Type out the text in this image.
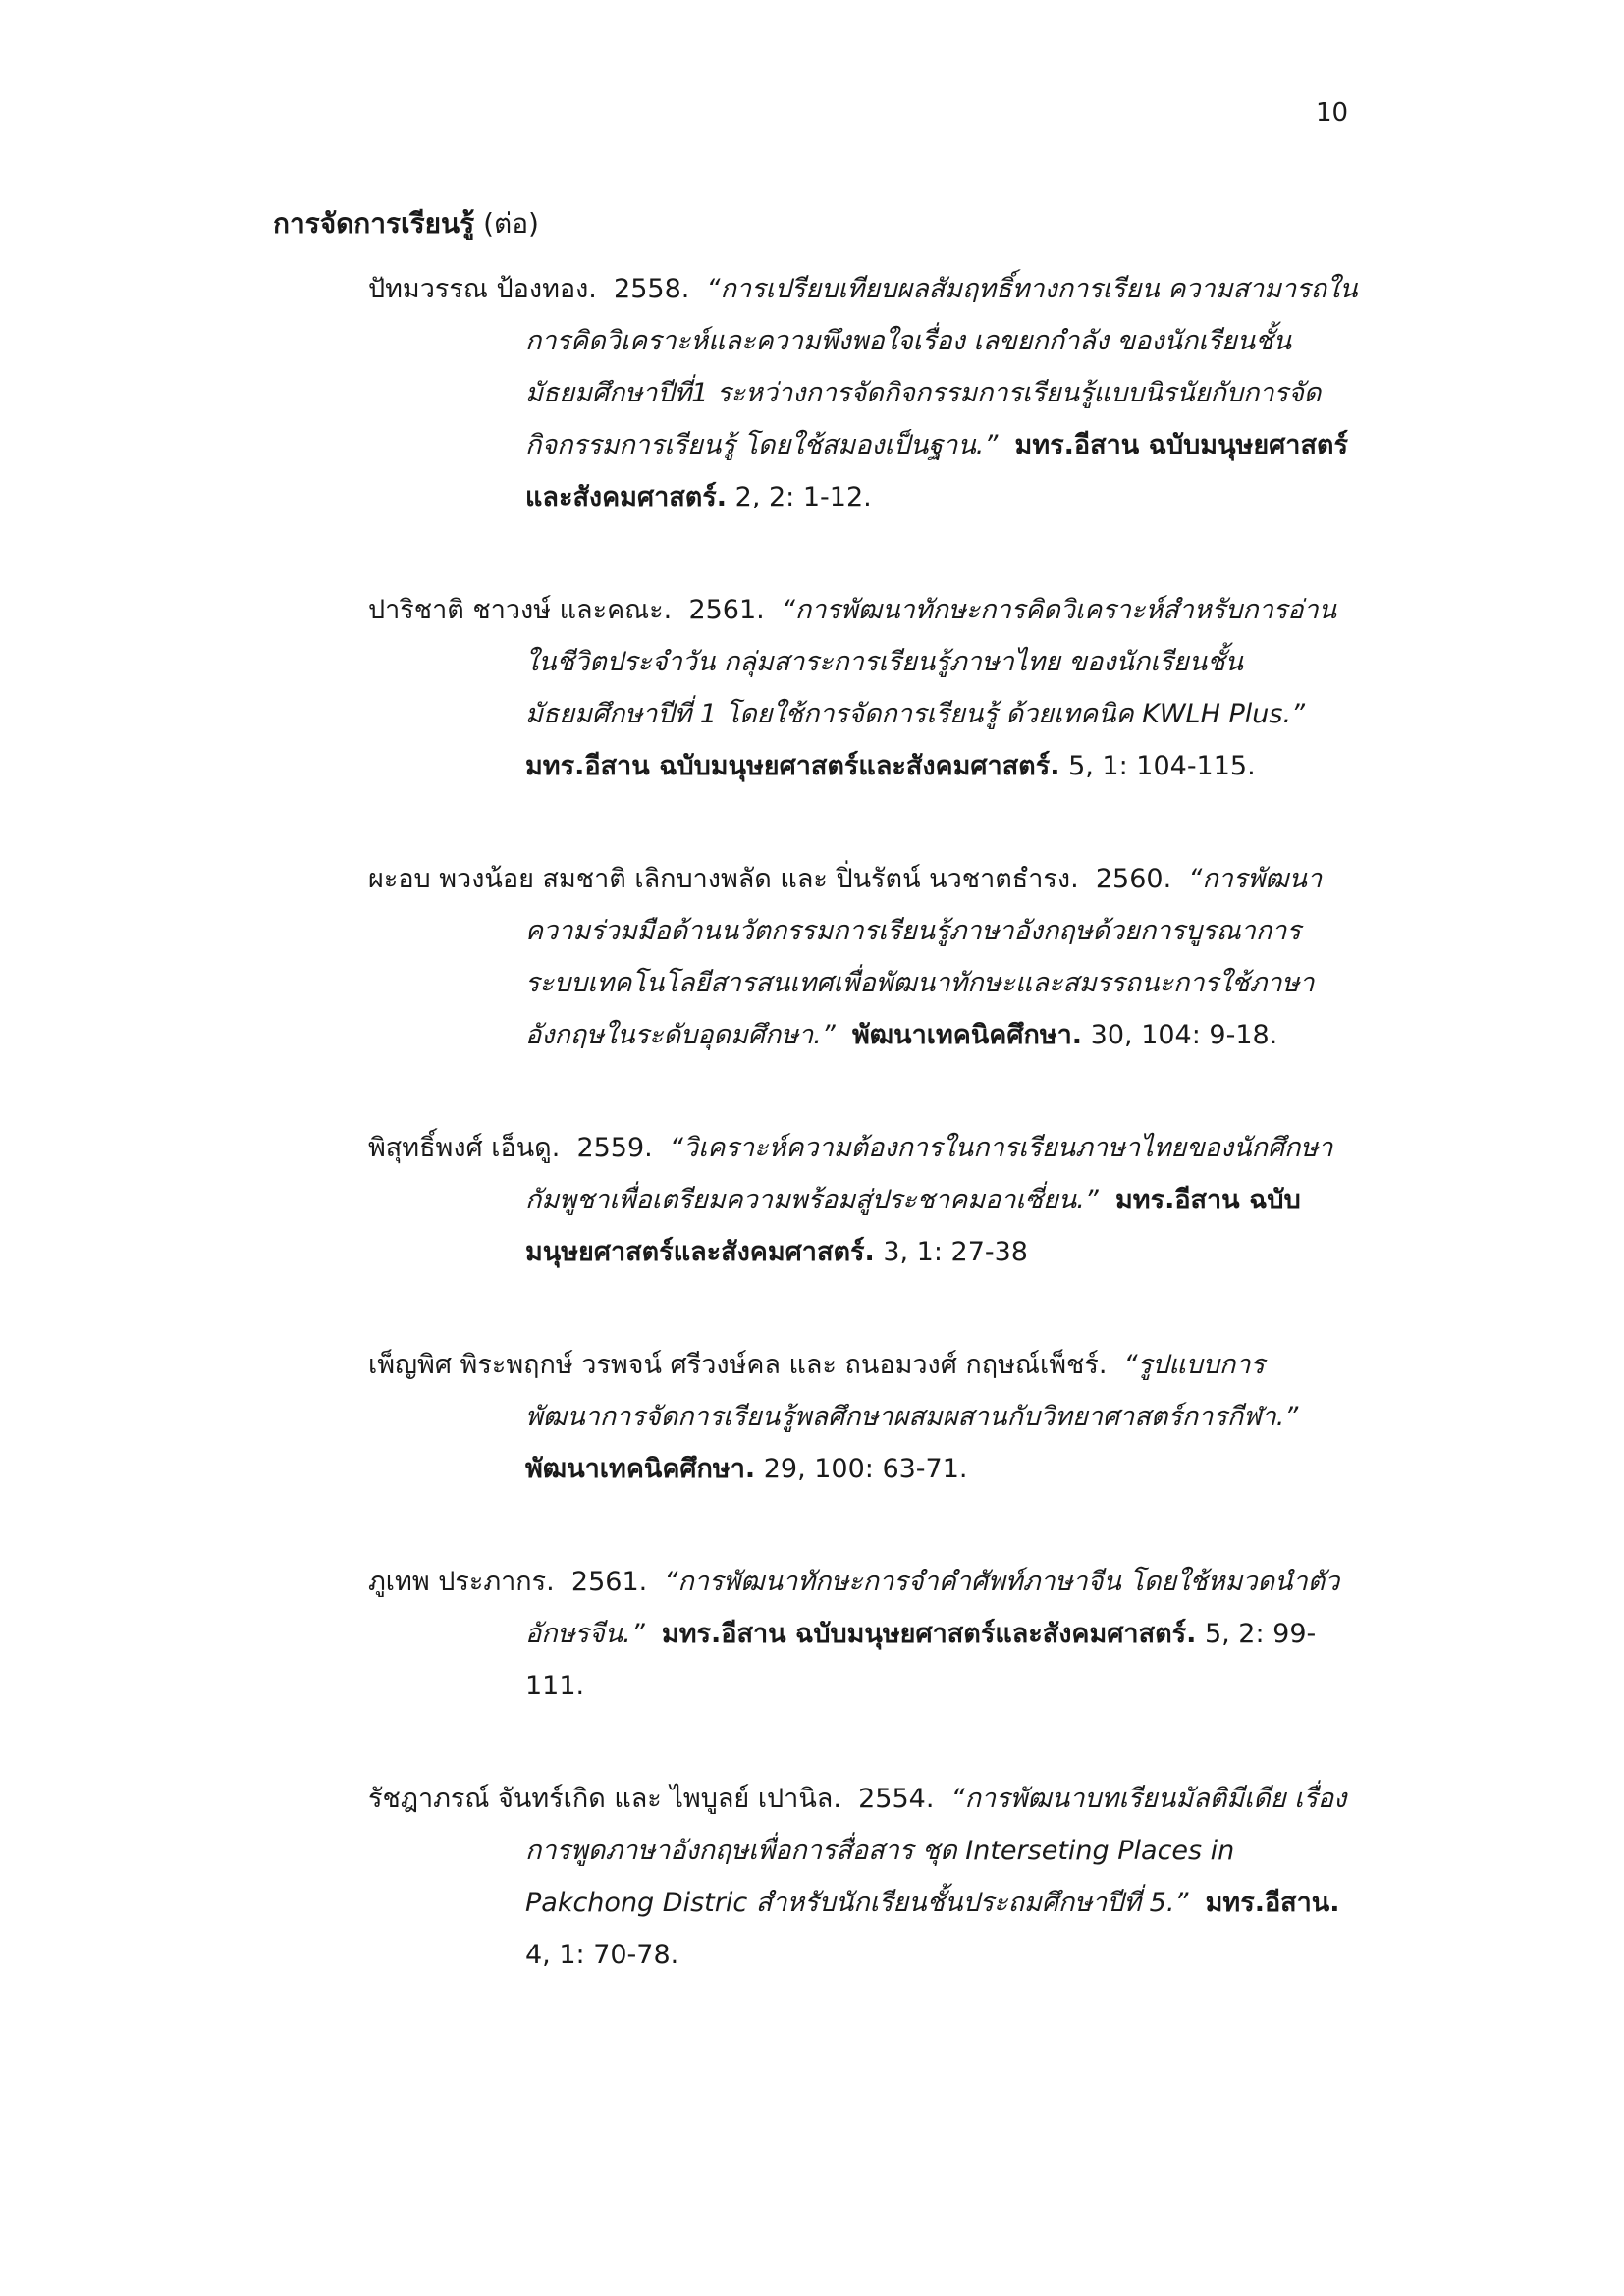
10
การจัดการเรียนรู้ (ต่อ)
ปัทมวรรณ ป้องทอง. 2558. “การเปรียบเทียบผลสัมฤทธิ์ทางการเรียน ความสามารถในการคิดวิเคราะห์และความพึงพอใจเรื่อง เลขยกกำลัง ของนักเรียนชั้นมัธยมศึกษาปีที่1 ระหว่างการจัดกิจกรรมการเรียนรู้แบบนิรนัยกับการจัดกิจกรรมการเรียนรู้ โดยใช้สมองเป็นฐาน.” มทร.อีสาน ฉบับมนุษยศาสตร์และสังคมศาสตร์. 2, 2: 1-12.
ปาริชาติ ชาวงษ์ และคณะ. 2561. “การพัฒนาทักษะการคิดวิเคราะห์สำหรับการอ่านในชีวิตประจำวัน กลุ่มสาระการเรียนรู้ภาษาไทย ของนักเรียนชั้นมัธยมศึกษาปีที่ 1 โดยใช้การจัดการเรียนรู้ ด้วยเทคนิค KWLH Plus.”  มทร.อีสาน ฉบับมนุษยศาสตร์และสังคมศาสตร์. 5, 1: 104-115.
ผะอบ พวงน้อย สมชาติ เลิกบางพลัด และ ปิ่นรัตน์ นวชาตธำรง. 2560. “การพัฒนาความร่วมมือด้านนวัตกรรมการเรียนรู้ภาษาอังกฤษด้วยการบูรณาการระบบเทคโนโลยีสารสนเทศเพื่อพัฒนาทักษะและสมรรถนะการใช้ภาษาอังกฤษในระดับอุดมศึกษา.” พัฒนาเทคนิคศึกษา. 30, 104: 9-18.
พิสุทธิ์พงศ์ เอ็นดู. 2559. “วิเคราะห์ความต้องการในการเรียนภาษาไทยของนักศึกษากัมพูชาเพื่อเตรียมความพร้อมสู่ประชาคมอาเซี่ยน.” มทร.อีสาน ฉบับมนุษยศาสตร์และสังคมศาสตร์. 3, 1: 27-38
เพ็ญพิศ พิระพฤกษ์ วรพจน์ ศรีวงษ์คล และ ถนอมวงศ์ กฤษณ์เพ็ชร์. “รูปแบบการพัฒนาการจัดการเรียนรู้พลศึกษาผสมผสานกับวิทยาศาสตร์การกีฬา.”  พัฒนาเทคนิคศึกษา. 29, 100: 63-71.
ภูเทพ ประภากร. 2561. “การพัฒนาทักษะการจำคำศัพท์ภาษาจีน โดยใช้หมวดนำตัวอักษรจีน.” มทร.อีสาน ฉบับมนุษยศาสตร์และสังคมศาสตร์. 5, 2: 99-111.
รัชฎาภรณ์ จันทร์เกิด และ ไพบูลย์ เปานิล. 2554. “การพัฒนาบทเรียนมัลติมีเดีย เรื่องการพูดภาษาอังกฤษเพื่อการสื่อสาร ชุด Interseting Places in Pakchong Distric สำหรับนักเรียนชั้นประถมศึกษาปีที่ 5.” มทร.อีสาน. 4, 1: 70-78.
